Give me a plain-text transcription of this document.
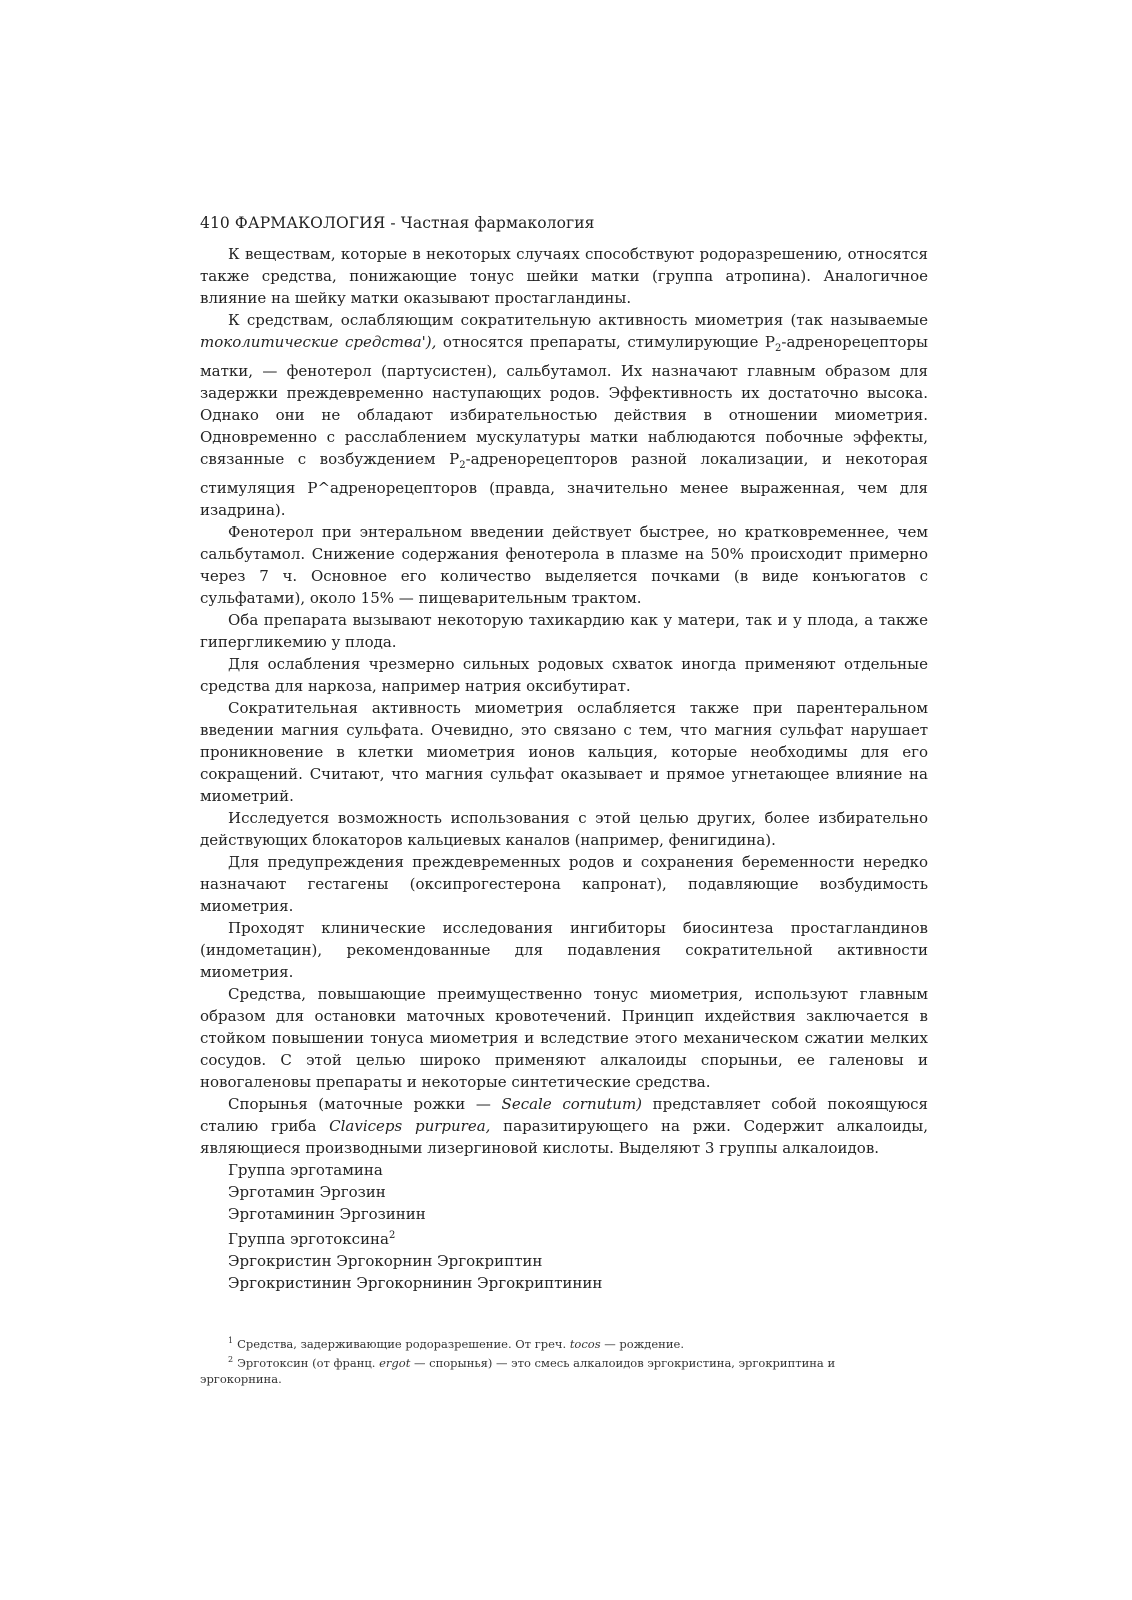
410 ФАРМАКОЛОГИЯ - Частная фармакология

К веществам, которые в некоторых случаях способствуют родоразрешению, относятся также средства, понижающие тонус шейки матки (группа атропина). Аналогичное влияние на шейку матки оказывают простагландины.

К средствам, ослабляющим сократительную активность миометрия (так называемые токолитические средства'), относятся препараты, стимулирующие $Р_2$-адренорецепторы матки, — фенотерол (партусистен), сальбутамол. Их назначают главным образом для задержки преждевременно наступающих родов. Эффективность их достаточно высока. Однако они не обладают избирательностью действия в отношении миометрия. Одновременно с расслаблением мускулатуры матки наблюдаются побочные эффекты, связанные с возбуждением $Р_2$-адренорецепторов разной локализации, и некоторая стимуляция Р^адренорецепторов (правда, значительно менее выраженная, чем для изадрина).

Фенотерол при энтеральном введении действует быстрее, но кратковременнее, чем сальбутамол. Снижение содержания фенотерола в плазме на 50% происходит примерно через 7 ч. Основное его количество выделяется почками (в виде конъюгатов с сульфатами), около 15% — пищеварительным трактом.

Оба препарата вызывают некоторую тахикардию как у матери, так и у плода, а также гипергликемию у плода.

Для ослабления чрезмерно сильных родовых схваток иногда применяют отдельные средства для наркоза, например натрия оксибутират.

Сократительная активность миометрия ослабляется также при парентеральном введении магния сульфата. Очевидно, это связано с тем, что магния сульфат нарушает проникновение в клетки миометрия ионов кальция, которые необходимы для его сокращений. Считают, что магния сульфат оказывает и прямое угнетающее влияние на миометрий.

Исследуется возможность использования с этой целью других, более избирательно действующих блокаторов кальциевых каналов (например, фенигидина).

Для предупреждения преждевременных родов и сохранения беременности нередко назначают гестагены (оксипрогестерона капронат), подавляющие возбудимость миометрия.

Проходят клинические исследования ингибиторы биосинтеза простагландинов (индометацин), рекомендованные для подавления сократительной активности миометрия.

Средства, повышающие преимущественно тонус миометрия, используют главным образом для остановки маточных кровотечений. Принцип ихдействия заключается в стойком повышении тонуса миометрия и вследствие этого механическом сжатии мелких сосудов. С этой целью широко применяют алкалоиды спорыньи, ее галеновы и новогаленовы препараты и некоторые синтетические средства.

Спорынья (маточные рожки — Secale cornutum) представляет собой покоящуюся сталию гриба Claviceps purpurea, паразитирующего на ржи. Содержит алкалоиды, являющиеся производными лизергиновой кислоты. Выделяют 3 группы алкалоидов.

Группа эрготамина
Эрготамин Эргозин
Эрготаминин Эргозинин
Группа эрготоксина$^2$
Эргокристин Эргокорнин Эргокриптин
Эргокристинин Эргокорнинин Эргокриптинин
$^1$ Средства, задерживающие родоразрешение. От греч. tocos — рождение.
$^2$ Эрготоксин (от франц. ergot — спорынья) — это смесь алкалоидов эргокристина, эргокриптина и эргокорнина.
